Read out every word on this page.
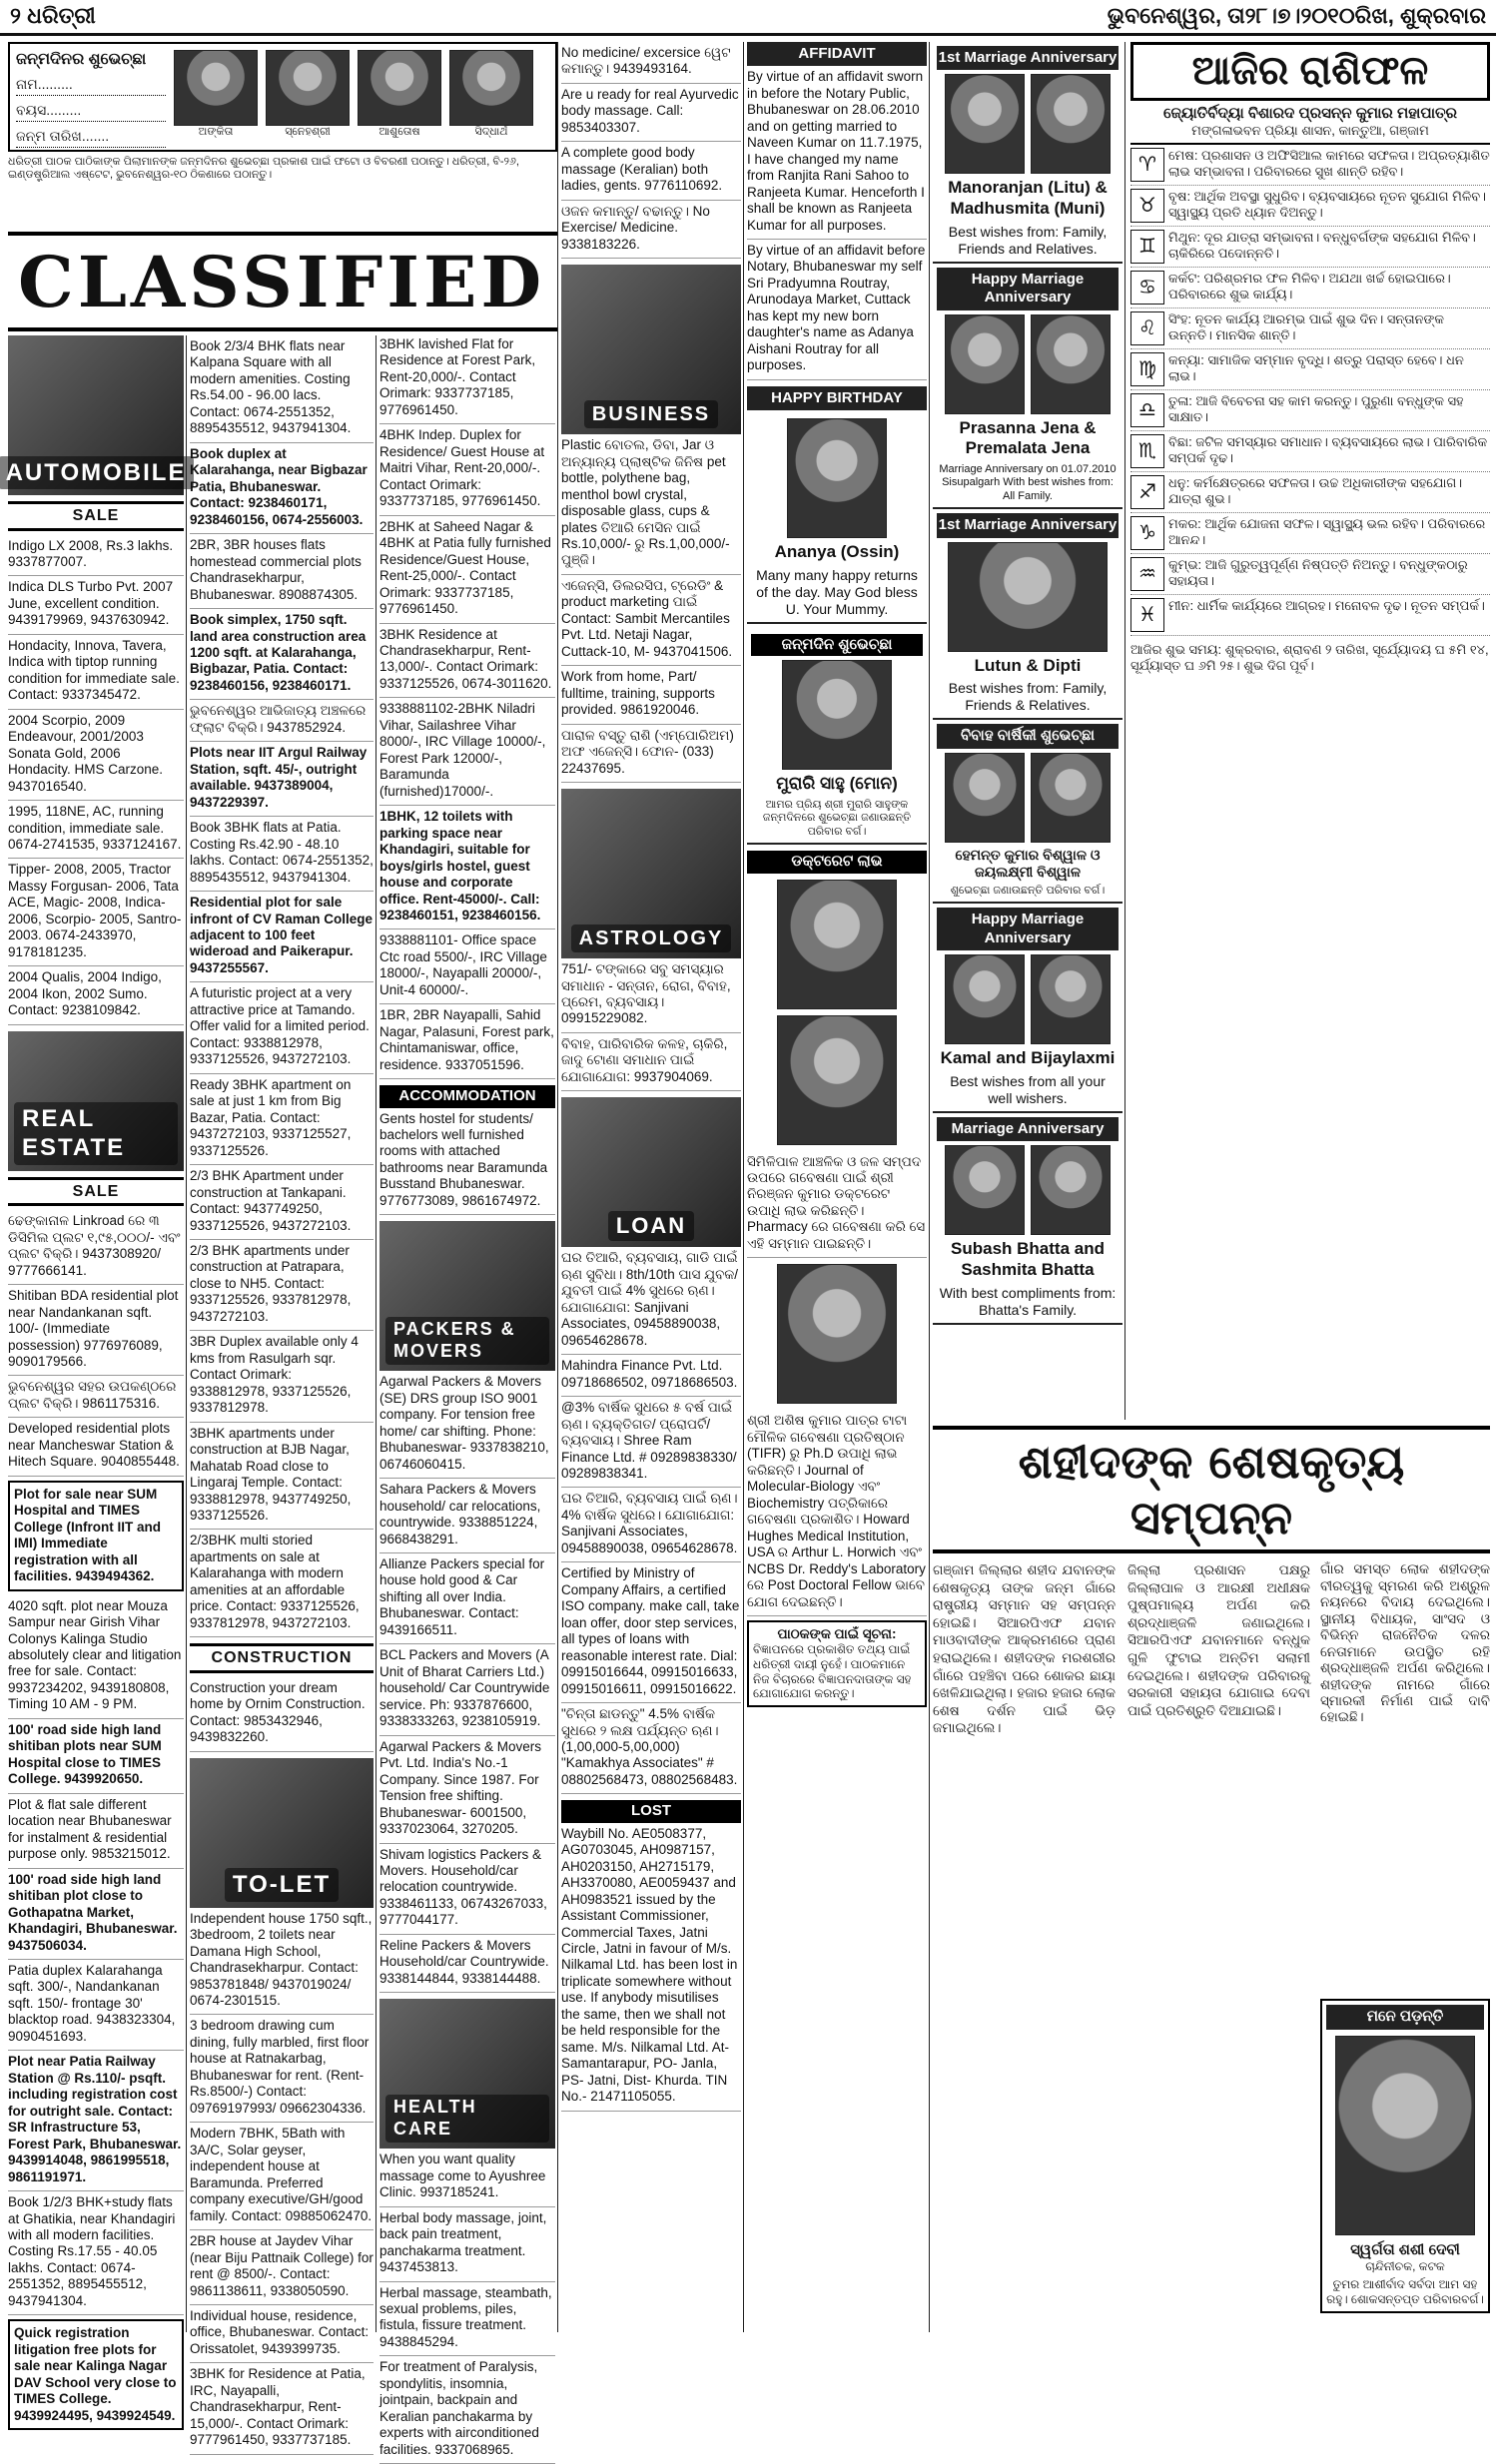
୨ ଧରିତ୍ରୀ	ଭୁବନେଶ୍ୱର, ତା୨୮।୭।୨୦୧୦ରିଖ, ଶୁକ୍ରବାର
ଜନ୍ମଦିନର ଶୁଭେଚ୍ଛା
ନାମ.........
ବୟସ.........
ଜନ୍ମ ତାରିଖ.......	ଅଙ୍କିତା	ସ୍ନେହଶ୍ରୀ	ଆଶୁତୋଷ	ସିଦ୍ଧାର୍ଥ
ଧରିତ୍ରୀ ପାଠକ ପାଠିକାଙ୍କ ପିଲାମାନଙ୍କ ଜନ୍ମଦିନର ଶୁଭେଚ୍ଛା ପ୍ରକାଶ ପାଇଁ ଫଟୋ ଓ ବିବରଣୀ ପଠାନ୍ତୁ। ଧରିତ୍ରୀ, ବି-୨୬, ଇଣ୍ଡଷ୍ଟ୍ରିଆଲ ଏଷ୍ଟେଟ, ଭୁବନେଶ୍ୱର-୧୦ ଠିକଣାରେ ପଠାନ୍ତୁ।
CLASSIFIED
AUTOMOBILE
SALE
Indigo LX 2008, Rs.3 lakhs. 9337877007.
Indica DLS Turbo Pvt. 2007 June, excellent condition. 9439179969, 9437630942.
Hondacity, Innova, Tavera, Indica with tiptop running condition for immediate sale. Contact: 9337345472.
2004 Scorpio, 2009 Endeavour, 2001/2003 Sonata Gold, 2006 Hondacity. HMS Carzone. 9437016540.
1995, 118NE, AC, running condition, immediate sale. 0674-2741535, 9337124167.
Tipper- 2008, 2005, Tractor Massy Forgusan- 2006, Tata ACE, Magic- 2008, Indica-2006, Scorpio- 2005, Santro-2003. 0674-2433970, 9178181235.
2004 Qualis, 2004 Indigo, 2004 Ikon, 2002 Sumo. Contact: 9238109842.
REAL ESTATE
SALE
ଢେଙ୍କାନାଳ Linkroad ରେ ୩ ଡିସିମିଲ ପ୍ଲଟ ୧,୯୫,୦୦୦/- ଏବଂ ପ୍ଲଟ ବିକ୍ରି। 9437308920/ 9777666141.
Shitiban BDA residential plot near Nandankanan sqft. 100/- (Immediate possession) 9776976089, 9090179566.
ଭୁବନେଶ୍ୱର ସହର ଉପକଣ୍ଠରେ ପ୍ଲଟ ବିକ୍ରି। 9861175316.
Developed residential plots near Mancheswar Station & Hitech Square. 9040855448.
Plot for sale near SUM Hospital and TIMES College (Infront IIT and IMI) Immediate registration with all facilities. 9439494362.
4020 sqft. plot near Mouza Sampur near Girish Vihar Colonys Kalinga Studio absolutely clear and litigation free for sale. Contact: 9937234202, 9439180808, Timing 10 AM - 9 PM.
100' road side high land shitiban plots near SUM Hospital close to TIMES College. 9439920650.
Plot & flat sale different location near Bhubaneswar for instalment & residential purpose only. 9853215012.
100' road side high land shitiban plot close to Gothapatna Market, Khandagiri, Bhubaneswar. 9437506034.
Patia duplex Kalarahanga sqft. 300/-, Nandankanan sqft. 150/- frontage 30' blacktop road. 9438323304, 9090451693.
Plot near Patia Railway Station @ Rs.110/- psqft. including registration cost for outright sale. Contact: SR Infrastructure 53, Forest Park, Bhubaneswar. 9439914048, 9861995518, 9861191971.
Book 1/2/3 BHK+study flats at Ghatikia, near Khandagiri with all modern facilities. Costing Rs.17.55 - 40.05 lakhs. Contact: 0674-2551352, 8895455512, 9437941304.
Quick registration litigation free plots for sale near Kalinga Nagar DAV School very close to TIMES College. 9439924495, 9439924549.
Book 2/3/4 BHK flats near Kalpana Square with all modern amenities. Costing Rs.54.00 - 96.00 lacs. Contact: 0674-2551352, 8895435512, 9437941304.
Book duplex at Kalarahanga, near Bigbazar Patia, Bhubaneswar. Contact: 9238460171, 9238460156, 0674-2556003.
2BR, 3BR houses flats homestead commercial plots Chandrasekharpur, Bhubaneswar. 8908874305.
Book simplex, 1750 sqft. land area construction area 1200 sqft. at Kalarahanga, Bigbazar, Patia. Contact: 9238460156, 9238460171.
ଭୁବନେଶ୍ୱର ଆଭିଜାତ୍ୟ ଅଞ୍ଚଳରେ ଫ୍ଲାଟ ବିକ୍ରି। 9437852924.
Plots near IIT Argul Railway Station, sqft. 45/-, outright available. 9437389004, 9437229397.
Book 3BHK flats at Patia. Costing Rs.42.90 - 48.10 lakhs. Contact: 0674-2551352, 8895435512, 9437941304.
Residential plot for sale infront of CV Raman College adjacent to 100 feet wideroad and Paikerapur. 9437255567.
A futuristic project at a very attractive price at Tamando. Offer valid for a limited period. Contact: 9338812978, 9337125526, 9437272103.
Ready 3BHK apartment on sale at just 1 km from Big Bazar, Patia. Contact: 9437272103, 9337125527, 9337125526.
2/3 BHK Apartment under construction at Tankapani. Contact: 9437749250, 9337125526, 9437272103.
2/3 BHK apartments under construction at Patrapara, close to NH5. Contact: 9337125526, 9337812978, 9437272103.
3BR Duplex available only 4 kms from Rasulgarh sqr. Contact Orimark: 9338812978, 9337125526, 9337812978.
3BHK apartments under construction at BJB Nagar, Mahatab Road close to Lingaraj Temple. Contact: 9338812978, 9437749250, 9337125526.
2/3BHK multi storied apartments on sale at Kalarahanga with modern amenities at an affordable price. Contact: 9337125526, 9337812978, 9437272103.
CONSTRUCTION
Construction your dream home by Ornim Construction. Contact: 9853432946, 9439832260.
TO-LET
Independent house 1750 sqft., 3bedroom, 2 toilets near Damana High School, Chandrasekharpur. Contact: 9853781848/ 9437019024/ 0674-2301515.
3 bedroom drawing cum dining, fully marbled, first floor house at Ratnakarbag, Bhubaneswar for rent. (Rent- Rs.8500/-) Contact: 09769197993/ 09662304336.
Modern 7BHK, 5Bath with 3A/C, Solar geyser, independent house at Baramunda. Preferred company executive/GH/good family. Contact: 09885062470.
2BR house at Jaydev Vihar (near Biju Pattnaik College) for rent @ 8500/-. Contact: 9861138611, 9338050590.
Individual house, residence, office, Bhubaneswar. Contact: Orissatolet, 9439399735.
3BHK for Residence at Patia, IRC, Nayapalli, Chandrasekharpur, Rent-15,000/-. Contact Orimark: 9777961450, 9337737185.
3BHK lavished Flat for Residence at Forest Park, Rent-20,000/-. Contact Orimark: 9337737185, 9776961450.
4BHK Indep. Duplex for Residence/ Guest House at Maitri Vihar, Rent-20,000/-. Contact Orimark: 9337737185, 9776961450.
2BHK at Saheed Nagar & 4BHK at Patia fully furnished Residence/Guest House, Rent-25,000/-. Contact Orimark: 9337737185, 9776961450.
3BHK Residence at Chandrasekharpur, Rent-13,000/-. Contact Orimark: 9337125526, 0674-3011620.
9338881102-2BHK Niladri Vihar, Sailashree Vihar 8000/-, IRC Village 10000/-, Forest Park 12000/-, Baramunda (furnished)17000/-.
1BHK, 12 toilets with parking space near Khandagiri, suitable for boys/girls hostel, guest house and corporate office. Rent-45000/-. Call: 9238460151, 9238460156.
9338881101- Office space Ctc road 5500/-, IRC Village 18000/-, Nayapalli 20000/-, Unit-4 60000/-.
1BR, 2BR Nayapalli, Sahid Nagar, Palasuni, Forest park, Chintamaniswar, office, residence. 9337051596.
ACCOMMODATION
Gents hostel for students/ bachelors well furnished rooms with attached bathrooms near Baramunda Busstand Bhubaneswar. 9776773089, 9861674972.
PACKERS & MOVERS
Agarwal Packers & Movers (SE) DRS group ISO 9001 company. For tension free home/ car shifting. Phone: Bhubaneswar- 9337838210, 06746060415.
Sahara Packers & Movers household/ car relocations, countrywide. 9338851224, 9668438291.
Allianze Packers special for house hold good & Car shifting all over India. Bhubaneswar. Contact: 9439166511.
BCL Packers and Movers (A Unit of Bharat Carriers Ltd.) household/ Car Countrywide service. Ph: 9337876600, 9338333263, 9238105919.
Agarwal Packers & Movers Pvt. Ltd. India's No.-1 Company. Since 1987. For Tension free shifting. Bhubaneswar- 6001500, 9337023064, 3270205.
Shivam logistics Packers & Movers. Household/car relocation countrywide. 9338461133, 06743267033, 9777044177.
Reline Packers & Movers Household/car Countrywide. 9338144844, 9338144488.
HEALTH CARE
When you want quality massage come to Ayushree Clinic. 9937185241.
Herbal body massage, joint, back pain treatment, panchakarma treatment. 9437453813.
Herbal massage, steambath, sexual problems, piles, fistula, fissure treatment. 9438845294.
For treatment of Paralysis, spondylitis, insomnia, jointpain, backpain and Keralian panchakarma by experts with airconditioned facilities. 9337068965.
No medicine/ excersice ୱେଟ କମାନ୍ତୁ। 9439493164.
Are u ready for real Ayurvedic body massage. Call: 9853403307.
A complete good body massage (Keralian) both ladies, gents. 9776110692.
ଓଜନ କମାନ୍ତୁ/ ବଢାନ୍ତୁ। No Exercise/ Medicine. 9338183226.
BUSINESS
Plastic ବୋତଲ, ଡିବା, Jar ଓ ଅନ୍ୟାନ୍ୟ ପ୍ଲାଷ୍ଟିକ ଜିନିଷ pet bottle, polythene bag, menthol bowl crystal, disposable glass, cups & plates ତିଆରି ମେସିନ ପାଇଁ Rs.10,000/- ରୁ Rs.1,00,000/- ପୁଞ୍ଜି।
ଏଜେନ୍ସି, ଡିଲରସିପ, ଟ୍ରେଡିଂ & product marketing ପାଇଁ Contact: Sambit Mercantiles Pvt. Ltd. Netaji Nagar, Cuttack-10, M- 9437041506.
Work from home, Part/ fulltime, training, supports provided. 9861920046.
ପାରାଳ ବସ୍ତୁ ରାଶି (ଏମ୍ପୋରିଅମ) ଅଫ ଏଜେନ୍ସି। ଫୋନ- (033) 22437695.
ASTROLOGY
751/- ଟଙ୍କାରେ ସବୁ ସମସ୍ୟାର ସମାଧାନ - ସନ୍ତାନ, ରୋଗ, ବିବାହ, ପ୍ରେମ, ବ୍ୟବସାୟ। 09915229082.
ବିବାହ, ପାରିବାରିକ କଳହ, ଚାକିରି, ଜାଦୁ ଟୋଣା ସମାଧାନ ପାଇଁ ଯୋଗାଯୋଗ: 9937904069.
LOAN
ଘର ତିଆରି, ବ୍ୟବସାୟ, ଗାଡି ପାଇଁ ଋଣ ସୁବିଧା। 8th/10th ପାସ ଯୁବକ/ଯୁବତୀ ପାଇଁ 4% ସୁଧରେ ଋଣ। ଯୋଗାଯୋଗ: Sanjivani Associates, 09458890038, 09654628678.
Mahindra Finance Pvt. Ltd. 09718686502, 09718686503.
@3% ବାର୍ଷିକ ସୁଧରେ ୫ ବର୍ଷ ପାଇଁ ଋଣ। ବ୍ୟକ୍ତିଗତ/ ପ୍ରୋପର୍ଟି/ ବ୍ୟବସାୟ। Shree Ram Finance Ltd. # 09289838330/ 09289838341.
ଘର ତିଆରି, ବ୍ୟବସାୟ ପାଇଁ ଋଣ। 4% ବାର୍ଷିକ ସୁଧରେ। ଯୋଗାଯୋଗ: Sanjivani Associates, 09458890038, 09654628678.
Certified by Ministry of Company Affairs, a certified ISO company. make call, take loan offer, door step services, all types of loans with reasonable interest rate. Dial: 09915016644, 09915016633, 09915016611, 09915016622.
"ଚିନ୍ତା ଛାଡନ୍ତୁ" 4.5% ବାର୍ଷିକ ସୁଧରେ ୨ ଲକ୍ଷ ପର୍ଯ୍ୟନ୍ତ ଋଣ। (1,00,000-5,00,000) "Kamakhya Associates" # 08802568473, 08802568483.
LOST
Waybill No. AE0508377, AG0703045, AH0987157, AH0203150, AH2715179, AH3370080, AE0059437 and AH0983521 issued by the Assistant Commissioner, Commercial Taxes, Jatni Circle, Jatni in favour of M/s. Nilkamal Ltd. has been lost in triplicate somewhere without use. If anybody misutilises the same, then we shall not be held responsible for the same. M/s. Nilkamal Ltd. At- Samantarapur, PO- Janla, PS- Jatni, Dist- Khurda. TIN No.- 21471105055.
AFFIDAVIT
By virtue of an affidavit sworn in before the Notary Public, Bhubaneswar on 28.06.2010 and on getting married to Naveen Kumar on 11.7.1975, I have changed my name from Ranjita Rani Sahoo to Ranjeeta Kumar. Henceforth I shall be known as Ranjeeta Kumar for all purposes.
By virtue of an affidavit before Notary, Bhubaneswar my self Sri Pradyumna Routray, Arunodaya Market, Cuttack has kept my new born daughter's name as Adanya Aishani Routray for all purposes.
HAPPY BIRTHDAY
Ananya (Ossin)
Many many happy returns of the day. May God bless U. Your Mummy.
ଜନ୍ମଦିନ ଶୁଭେଚ୍ଛା
ମୁରାରି ସାହୁ (ମୋନ)
ଆମର ପ୍ରିୟ ଶ୍ରୀ ମୁରାରି ସାହୁଙ୍କ ଜନ୍ମଦିନରେ ଶୁଭେଚ୍ଛା ଜଣାଉଛନ୍ତି ପରିବାର ବର୍ଗ।
ଡକ୍ଟରେଟ ଲାଭ
ସିମିଳିପାଳ ଆଞ୍ଚଳିକ ଓ ଜଳ ସମ୍ପଦ ଉପରେ ଗବେଷଣା ପାଇଁ ଶ୍ରୀ ନିରଞ୍ଜନ କୁମାର ଡକ୍ଟରେଟ ଉପାଧି ଲାଭ କରିଛନ୍ତି। Pharmacy ରେ ଗବେଷଣା କରି ସେ ଏହି ସମ୍ମାନ ପାଇଛନ୍ତି।
ଶ୍ରୀ ଅଶିଷ କୁମାର ପାତ୍ର ଟାଟା ମୌଳିକ ଗବେଷଣା ପ୍ରତିଷ୍ଠାନ (TIFR) ରୁ Ph.D ଉପାଧି ଲାଭ କରିଛନ୍ତି। Journal of Molecular-Biology ଏବଂ Biochemistry ପତ୍ରିକାରେ ଗବେଷଣା ପ୍ରକାଶିତ। Howard Hughes Medical Institution, USA ର Arthur L. Horwich ଏବଂ NCBS Dr. Reddy's Laboratory ରେ Post Doctoral Fellow ଭାବେ ଯୋଗ ଦେଇଛନ୍ତି।
ପାଠକଙ୍କ ପାଇଁ ସୂଚନା:
ବିଜ୍ଞାପନରେ ପ୍ରକାଶିତ ତଥ୍ୟ ପାଇଁ ଧରିତ୍ରୀ ଦାୟୀ ନୁହେଁ। ପାଠକମାନେ ନିଜ ବିଚାରରେ ବିଜ୍ଞାପନଦାତାଙ୍କ ସହ ଯୋଗାଯୋଗ କରନ୍ତୁ।
1st Marriage Anniversary
Manoranjan (Litu) & Madhusmita (Muni)
Best wishes from: Family, Friends and Relatives.
Happy Marriage Anniversary
Prasanna Jena & Premalata Jena
Marriage Anniversary on 01.07.2010 Sisupalgarh With best wishes from: All Family.
1st Marriage Anniversary
Lutun & Dipti
Best wishes from: Family, Friends & Relatives.
ବିବାହ ବାର୍ଷିକୀ ଶୁଭେଚ୍ଛା
ହେମନ୍ତ କୁମାର ବିଶ୍ୱାଳ ଓ ଜୟଲକ୍ଷ୍ମୀ ବିଶ୍ୱାଳ
ଶୁଭେଚ୍ଛା ଜଣାଉଛନ୍ତି ପରିବାର ବର୍ଗ।
Happy Marriage Anniversary
Kamal and Bijaylaxmi
Best wishes from all your well wishers.
Marriage Anniversary
Subash Bhatta and Sashmita Bhatta
With best compliments from: Bhatta's Family.
ଆଜିର ରାଶିଫଳ
ଜ୍ୟୋତିର୍ବିଦ୍ୟା ବିଶାରଦ ପ୍ରସନ୍ନ କୁମାର ମହାପାତ୍ର
ମଙ୍ଗଳାଭବନ ପ୍ରିୟା ଶାସନ, କାନ୍ତୁଆ, ଗଞ୍ଜାମ
♈ ମେଷ: ପ୍ରଶାସନ ଓ ଅଫିସିଆଲ କାମରେ ସଫଳତା। ଅପ୍ରତ୍ୟାଶିତ ଲାଭ ସମ୍ଭାବନା। ପରିବାରରେ ସୁଖ ଶାନ୍ତି ରହିବ।
♉ ବୃଷ: ଆର୍ଥିକ ଅବସ୍ଥା ସୁଧୁରିବ। ବ୍ୟବସାୟରେ ନୂତନ ସୁଯୋଗ ମିଳିବ। ସ୍ୱାସ୍ଥ୍ୟ ପ୍ରତି ଧ୍ୟାନ ଦିଅନ୍ତୁ।
♊ ମିଥୁନ: ଦୂର ଯାତ୍ରା ସମ୍ଭାବନା। ବନ୍ଧୁବର୍ଗଙ୍କ ସହଯୋଗ ମିଳିବ। ଚାକିରିରେ ପଦୋନ୍ନତି।
♋ କର୍କଟ: ପରିଶ୍ରମର ଫଳ ମିଳିବ। ଅଯଥା ଖର୍ଚ୍ଚ ହୋଇପାରେ। ପରିବାରରେ ଶୁଭ କାର୍ଯ୍ୟ।
♌ ସିଂହ: ନୂତନ କାର୍ଯ୍ୟ ଆରମ୍ଭ ପାଇଁ ଶୁଭ ଦିନ। ସନ୍ତାନଙ୍କ ଉନ୍ନତି। ମାନସିକ ଶାନ୍ତି।
♍ କନ୍ୟା: ସାମାଜିକ ସମ୍ମାନ ବୃଦ୍ଧି। ଶତ୍ରୁ ପରାସ୍ତ ହେବେ। ଧନ ଲାଭ।
♎ ତୁଳା: ଆଜି ବିବେଚନା ସହ କାମ କରନ୍ତୁ। ପୁରୁଣା ବନ୍ଧୁଙ୍କ ସହ ସାକ୍ଷାତ।
♏ ବିଛା: ଜଟିଳ ସମସ୍ୟାର ସମାଧାନ। ବ୍ୟବସାୟରେ ଲାଭ। ପାରିବାରିକ ସମ୍ପର୍କ ଦୃଢ।
♐ ଧନୁ: କର୍ମକ୍ଷେତ୍ରରେ ସଫଳତା। ଉଚ୍ଚ ଅଧିକାରୀଙ୍କ ସହଯୋଗ। ଯାତ୍ରା ଶୁଭ।
♑ ମକର: ଆର୍ଥିକ ଯୋଜନା ସଫଳ। ସ୍ୱାସ୍ଥ୍ୟ ଭଲ ରହିବ। ପରିବାରରେ ଆନନ୍ଦ।
♒ କୁମ୍ଭ: ଆଜି ଗୁରୁତ୍ୱପୂର୍ଣ୍ଣ ନିଷ୍ପତ୍ତି ନିଅନ୍ତୁ। ବନ୍ଧୁଙ୍କଠାରୁ ସହାୟତା।
♓ ମୀନ: ଧାର୍ମିକ କାର୍ଯ୍ୟରେ ଆଗ୍ରହ। ମନୋବଳ ଦୃଢ। ନୂତନ ସମ୍ପର୍କ।
ଆଜିର ଶୁଭ ସମୟ: ଶୁକ୍ରବାର, ଶ୍ରାବଣ ୨ ତାରିଖ, ସୂର୍ଯ୍ୟୋଦୟ ଘ ୫ମି ୧୪, ସୂର୍ଯ୍ୟାସ୍ତ ଘ ୬ମି ୨୫। ଶୁଭ ଦିଗ ପୂର୍ବ।
ଶହୀଦଙ୍କ ଶେଷକୃତ୍ୟ ସମ୍ପନ୍ନ
ଗଞ୍ଜାମ ଜିଲ୍ଲାର ଶହୀଦ ଯବାନଙ୍କ ଶେଷକୃତ୍ୟ ତାଙ୍କ ଜନ୍ମ ଗାଁରେ ରାଷ୍ଟ୍ରୀୟ ସମ୍ମାନ ସହ ସମ୍ପନ୍ନ ହୋଇଛି। ସିଆରପିଏଫ ଯବାନ ମାଓବାଦୀଙ୍କ ଆକ୍ରମଣରେ ପ୍ରାଣ ହରାଇଥିଲେ। ଶହୀଦଙ୍କ ମରଶରୀର ଗାଁରେ ପହଞ୍ଚିବା ପରେ ଶୋକର ଛାୟା ଖେଳିଯାଇଥିଲା। ହଜାର ହଜାର ଲୋକ ଶେଷ ଦର୍ଶନ ପାଇଁ ଭିଡ଼ ଜମାଇଥିଲେ।
ଜିଲ୍ଲା ପ୍ରଶାସନ ପକ୍ଷରୁ ଜିଲ୍ଲାପାଳ ଓ ଆରକ୍ଷୀ ଅଧୀକ୍ଷକ ପୁଷ୍ପମାଲ୍ୟ ଅର୍ପଣ କରି ଶ୍ରଦ୍ଧାଞ୍ଜଳି ଜଣାଇଥିଲେ। ସିଆରପିଏଫ ଯବାନମାନେ ବନ୍ଧୁକ ଗୁଳି ଫୁଟାଇ ଅନ୍ତିମ ସଲାମୀ ଦେଇଥିଲେ। ଶହୀଦଙ୍କ ପରିବାରକୁ ସରକାରୀ ସହାୟତା ଯୋଗାଇ ଦେବା ପାଇଁ ପ୍ରତିଶ୍ରୁତି ଦିଆଯାଇଛି।
ଗାଁର ସମସ୍ତ ଲୋକ ଶହୀଦଙ୍କ ବୀରତ୍ୱକୁ ସ୍ମରଣ କରି ଅଶ୍ରୁଳ ନୟନରେ ବିଦାୟ ଦେଇଥିଲେ। ସ୍ଥାନୀୟ ବିଧାୟକ, ସାଂସଦ ଓ ବିଭିନ୍ନ ରାଜନୈତିକ ଦଳର ନେତାମାନେ ଉପସ୍ଥିତ ରହି ଶ୍ରଦ୍ଧାଞ୍ଜଳି ଅର୍ପଣ କରିଥିଲେ। ଶହୀଦଙ୍କ ନାମରେ ଗାଁରେ ସ୍ମାରକୀ ନିର୍ମାଣ ପାଇଁ ଦାବି ହୋଇଛି।
ମନେ ପଡ଼ନ୍ତି
ସ୍ୱର୍ଗତା ଶଶୀ ଦେବୀ
ଚାନ୍ଦିନୀଚକ, କଟକ
ତୁମର ଆଶୀର୍ବାଦ ସର୍ବଦା ଆମ ସହ ରହୁ। ଶୋକସନ୍ତପ୍ତ ପରିବାରବର୍ଗ।
